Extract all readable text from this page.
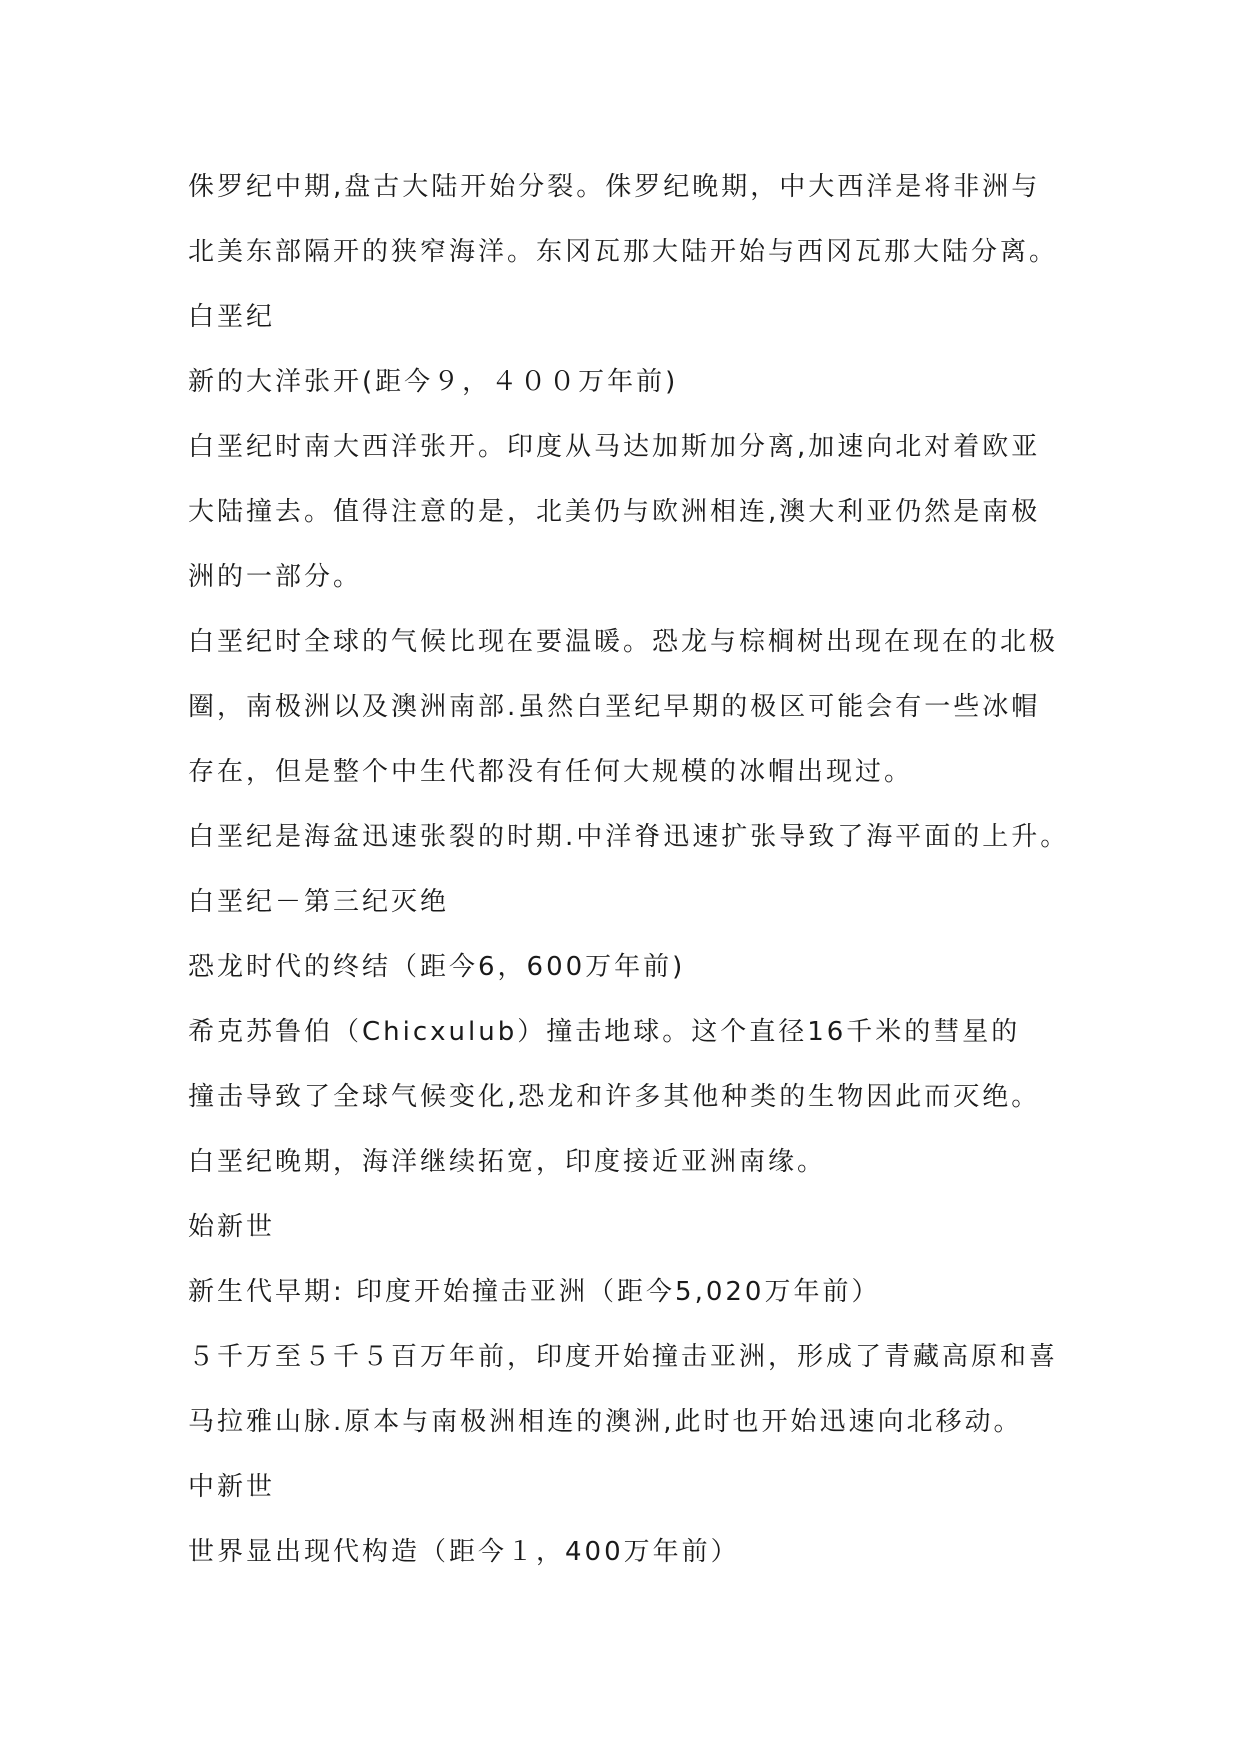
侏罗纪中期,盘古大陆开始分裂。侏罗纪晚期，中大西洋是将非洲与
北美东部隔开的狭窄海洋。东冈瓦那大陆开始与西冈瓦那大陆分离。
白垩纪
新的大洋张开(距今９，４００万年前)
白垩纪时南大西洋张开。印度从马达加斯加分离,加速向北对着欧亚
大陆撞去。值得注意的是，北美仍与欧洲相连,澳大利亚仍然是南极
洲的一部分。
白垩纪时全球的气候比现在要温暖。恐龙与棕榈树出现在现在的北极
圈，南极洲以及澳洲南部.虽然白垩纪早期的极区可能会有一些冰帽
存在，但是整个中生代都没有任何大规模的冰帽出现过。
白垩纪是海盆迅速张裂的时期.中洋脊迅速扩张导致了海平面的上升。
白垩纪－第三纪灭绝
恐龙时代的终结（距今6，600万年前)
希克苏鲁伯（Chicxulub）撞击地球。这个直径16千米的彗星的
撞击导致了全球气候变化,恐龙和许多其他种类的生物因此而灭绝。
白垩纪晚期，海洋继续拓宽，印度接近亚洲南缘。
始新世
新生代早期: 印度开始撞击亚洲（距今5,020万年前）
５千万至５千５百万年前，印度开始撞击亚洲，形成了青藏高原和喜
马拉雅山脉.原本与南极洲相连的澳洲,此时也开始迅速向北移动。
中新世
世界显出现代构造（距今１，400万年前）
